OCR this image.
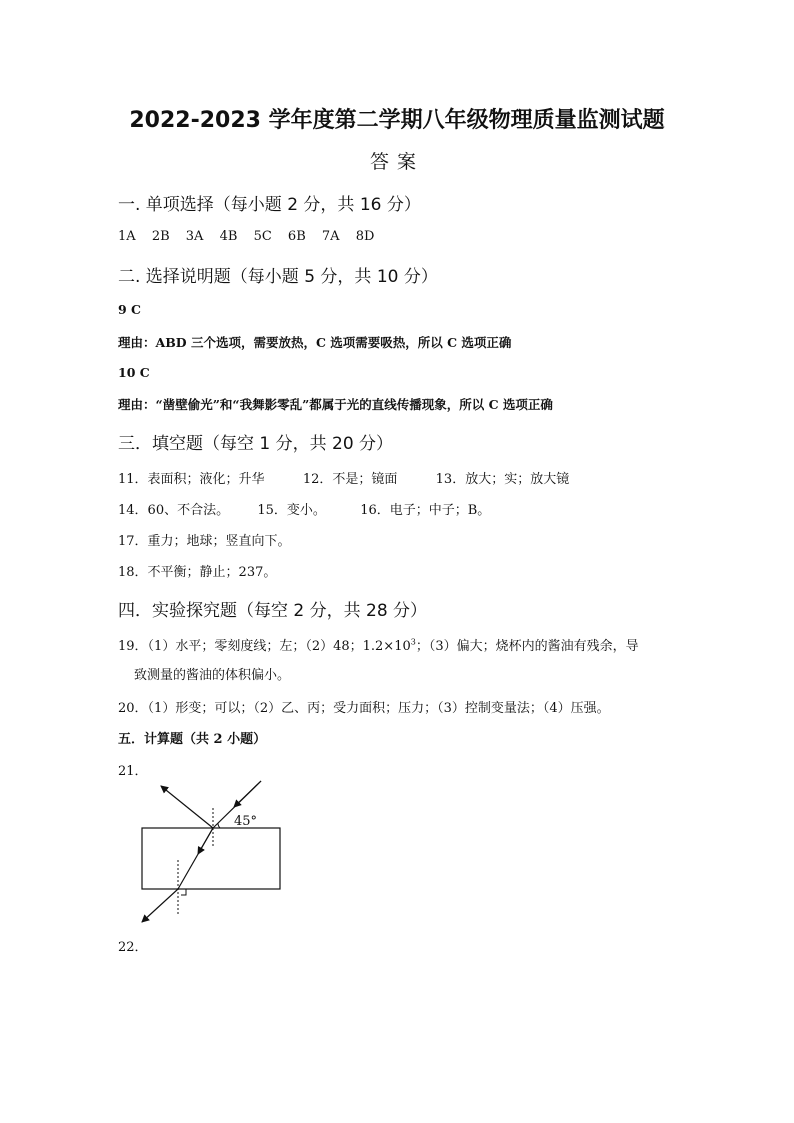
2022-2023 学年度第二学期八年级物理质量监测试题
答案
一. 单项选择（每小题 2 分，共 16 分）
1A 2B 3A 4B 5C 6B 7A 8D
二. 选择说明题（每小题 5 分，共 10 分）
9 C
理由：ABD 三个选项，需要放热，C 选项需要吸热，所以 C 选项正确
10 C
理由：“凿壁偷光”和“我舞影零乱”都属于光的直线传播现象，所以 C 选项正确
三．填空题（每空 1 分，共 20 分）
11．表面积；液化；升华	12．不是；镜面	13．放大；实；放大镜
14．60、不合法。 15．变小。	16．电子；中子；B。
17．重力；地球；竖直向下。
18．不平衡；静止；237。
四．实验探究题（每空 2 分，共 28 分）
19．（1）水平；零刻度线；左；（2）48；$1.2\times 10^3$；（3）偏大；烧杯内的酱油有残余，导
致测量的酱油的体积偏小。
20．（1）形变；可以；（2）乙、丙；受力面积；压力；（3）控制变量法；（4）压强。
五．计算题（共 2 小题）
21．
45°
22．
